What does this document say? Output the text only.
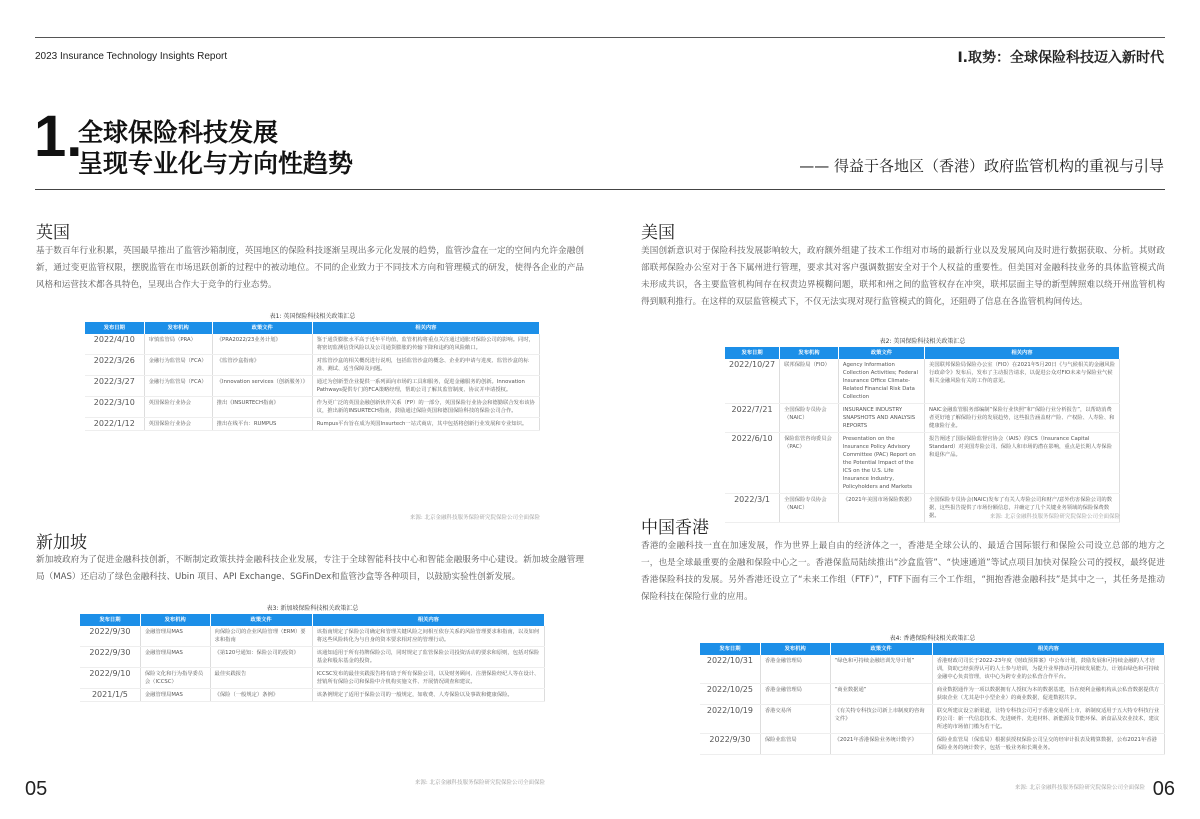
2023 Insurance Technology Insights Report	Ⅰ.取势：全球保险科技迈入新时代
1.
全球保险科技发展
呈现专业化与方向性趋势	—— 得益于各地区（香港）政府监管机构的重视与引导
英国
基于数百年行业积累，英国最早推出了监管沙箱制度，英国地区的保险科技逐渐呈现出多元化发展的趋势，监管沙盒在一定的空间内允许金融创新，通过变更监管权限，摆脱监管在市场迅跃创新的过程中的被动地位。不同的企业致力于不同技术方向和管理模式的研发，使得各企业的产品风格和运营技术都各具特色，呈现出合作大于竞争的行业态势。
表1: 英国保险科技相关政策汇总
发布日期	发布机构	政策文件	相关内容
2022/4/10	审慎监管局（PRA）	《PRA2022/23业务计划》	鉴于通货膨胀水平高于近年平均值，监管机构将重点关注通过通胀对保险公司的影响。同时，将密切监测信贷风险以及公司通货膨胀的传输下降和违约的风险敞口。
2022/3/26	金融行为监管局（FCA）	《监管沙盒指南》	对监管沙盒的相关概况进行说明，包括监管沙盒的概念、企业的申请与进度、监管沙盒的标准、测试、适当保障及问题。
2022/3/27	金融行为监管局（FCA）	《Innovation services（创新服务）》	通过为创新型企业提供一系列面向市场的工具和服务，促进金融服务的创新。Innovation Pathways提供专门的FCA策略经理，帮助公司了解其监管制度、协议并申请授权。
2022/3/10	英国保险行业协会	推出《INSURTECH指南》	作为更广泛的英国金融创新伙伴关系（FP）的一部分，英国保险行业协会和德勤联合发布该协议，推出新的INSURTECH指南，鼓励通过保险英国和德国保险科技的保险公司合作。
2022/1/12	英国保险行业协会	推出在线平台：RUMPUS	Rumpus平台旨在成为英国Insurtech一站式商店，其中包括将创新行业发展和专业知识。
来源: 北京金融科技服务保险研究院保险公司全面保险
新加坡
新加坡政府为了促进金融科技创新，不断制定政策扶持金融科技企业发展，专注于全球智能科技中心和智能金融服务中心建设。新加坡金融管理局（MAS）还启动了绿色金融科技、Ubin 项目、API Exchange、SGFinDex和监管沙盒等各种项目，以鼓励实验性创新发展。
表3: 新加坡保险科技相关政策汇总
发布日期	发布机构	政策文件	相关内容
2022/9/30	金融管理局MAS	向保险公司的企业风险管理（ERM）要求和指南	该指南规定了保险公司确定和管理关键风险之间相互依存关系的风险管理要求和指南，以及如何将这些风险转化为与自身的资本要求相对应的管理行动。
2022/9/30	金融管理局MAS	《第120号通知：保险公司的投资》	该通知适用于所有持牌保险公司，同时规定了监管保险公司投资活动的要求和原则，包括对保险基金和股东基金的投资。
2022/9/10	保险文化和行为指导委员会（ICCSC）	最佳实践报告	ICCSC发布的最佳实践报告将有助于所有保险公司，以及财务顾问、注册保险经纪人等在设计、营销所有保险公司和保险中介机构实施文件、开展情况调查和建议。
2021/1/5	金融管理局MAS	《保险（一般规定）条例》	该条例规定了适用于保险公司的一般规定，如收费、人寿保险以及事故和健康保险。
来源: 北京金融科技服务保险研究院保险公司全面保险
美国
美国创新意识对于保险科技发展影响较大，政府额外组建了技术工作组对市场的最新行业以及发展风向及时进行数据获取、分析。其财政部联邦保险办公室对于各下属州进行管理，要求其对客户强调数据安全对于个人权益的重要性。但美国对金融科技业务的具体监管模式尚未形成共识，各主要监管机构间存在权责边界模糊问题，联邦和州之间的监管权存在冲突，联邦层面主导的新型牌照难以绕开州监管机构得到顺利推行。在这样的双层监管模式下，不仅无法实现对现行监管模式的简化，还阻碍了信息在各监管机构间传达。
表2: 美国保险科技相关政策汇总
发布日期	发布机构	政策文件	相关内容
2022/10/27	联邦保险局（FIO）	Agency Information Collection Activities; Federal Insurance Office Climate-Related Financial Risk Data Collection	美国联邦保险局保险办公室（FIO）在2021年5月20日《与气候相关的金融风险行政命令》发布后，发布了主动报告请求，以促进公众对FIO未来与保险业气候相关金融风险有关的工作的意见。
2022/7/21	全国保险专员协会（NAIC）	INSURANCE INDUSTRY SNAPSHOTS AND ANALYSIS REPORTS	NAIC金融监管服务部编制“保险行业快照”和“保险行业分析报告”，以帮助消费者更好地了解保险行业的发展趋势，这些报告涵盖财产险、产权险、人寿险、和健康险行业。
2022/6/10	保险监管咨询委员会（PAC）	Presentation on the Insurance Policy Advisory Committee (PAC) Report on the Potential Impact of the ICS on the U.S. Life Insurance Industry, Policyholders and Markets	报告阐述了国际保险监督官协会（IAIS）的ICS（Insurance Capital Standard）对美国寿险公司、保险人和市场的潜在影响，重点是长期人寿保险和退休产品。
2022/3/1	全国保险专员协会（NAIC）	《2021年美国市场保险数据》	全国保险专员协会(NAIC)发布了有关人寿险公司和财产/意外伤害保险公司的数据，这些报告提供了市场份额信息，并确定了几个关键业务领域的保险保费数据。	来源: 北京金融科技服务保险研究院保险公司全面保险
中国香港
香港的金融科技一直在加速发展，作为世界上最自由的经济体之一，香港是全球公认的、最适合国际银行和保险公司设立总部的地方之一，也是全球最重要的金融和保险中心之一。香港保监局陆续推出“沙盒监管”、“快速通道”等试点项目加快对保险公司的授权，最终促进香港保险科技的发展。另外香港还设立了“未来工作组（FTF）”，FTF下面有三个工作组，“拥抱香港金融科技”是其中之一，其任务是推动保险科技在保险行业的应用。
表4: 香港保险科技相关政策汇总
发布日期	发布机构	政策文件	相关内容
2022/10/31	香港金融管理局	“绿色和可持续金融培训先导计划”	香港财政司司长于2022-23年度《财政预算案》中公布计划，鼓励发展和可持续金融的人才培训，资助已经获得认可的人士参与培训，为提升业界推动可持续发展能力，计划由绿色和可持续金融中心负责管理，该中心为跨专业的公私营合作平台。
2022/10/25	香港金融管理局	“商业数据通”	商业数据通作为一项以数据拥有人授权为本的数据基建，旨在便利金融机构从公私营数据提供方获取企业（尤其是中小型企业）的商业数据，促进数据共享。
2022/10/19	香港交易所	《有关特专科技公司新上市制度的咨询文件》	联交所建议设立新渠道，让特专科技公司可于香港交易所上市，新制度适用于五大特专科技行业的公司：新一代信息技术、先进硬件、先进材料、新能源及节能环保、新食品及农业技术，建议所述的市场值门槛为若干亿。
2022/9/30	保险业监管局	《2021年香港保险业务统计数字》	保险业监管局（保监局）根据获授权保险公司呈交的经审计报表及精算数据，公布2021年香港保险业务的统计数字，包括一般业务和长期业务。
来源: 北京金融科技服务保险研究院保险公司全面保险
05	06
